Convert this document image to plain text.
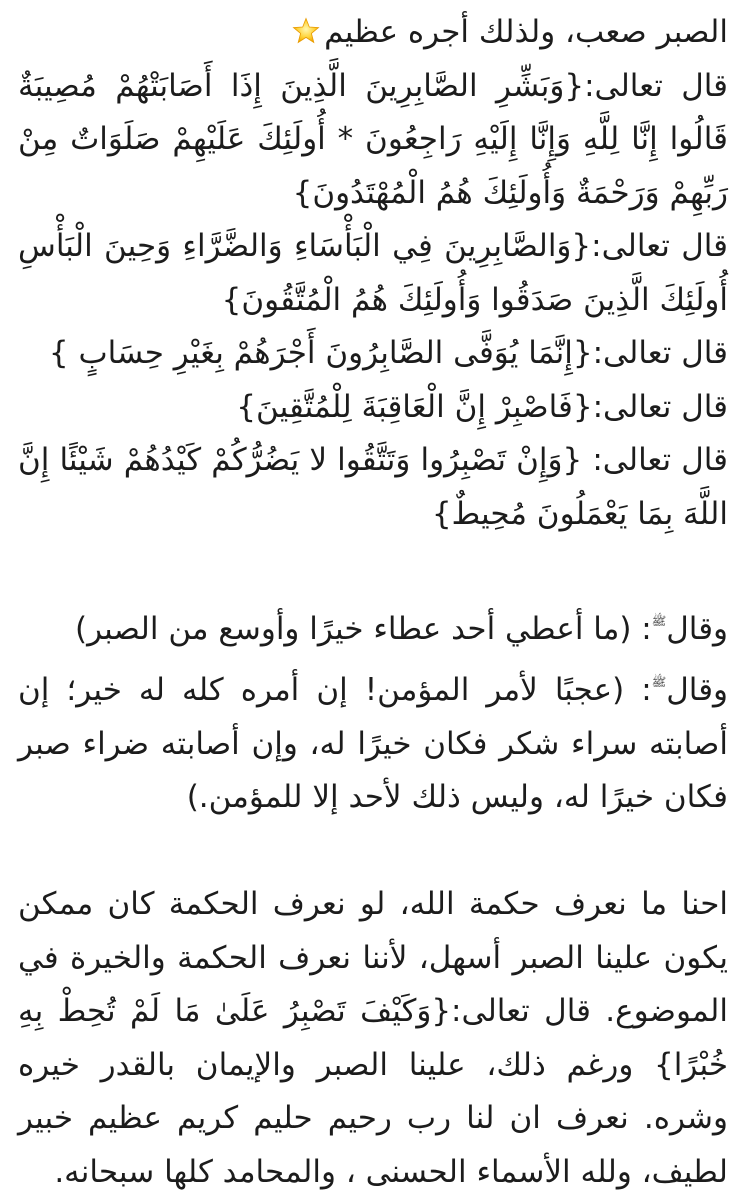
الصبر صعب، ولذلك أجره عظيم

قال تعالى:{وَبَشِّرِ الصَّابِرِينَ الَّذِينَ إِذَا أَصَابَتْهُمْ مُصِيبَةٌ قَالُوا إِنَّا لِلَّهِ وَإِنَّا إِلَيْهِ رَاجِعُونَ * أُولَئِكَ عَلَيْهِمْ صَلَوَاتٌ مِنْ رَبِّهِمْ وَرَحْمَةٌ وَأُولَئِكَ هُمُ الْمُهْتَدُونَ}

قال تعالى:{وَالصَّابِرِينَ فِي الْبَأْسَاءِ وَالضَّرَّاءِ وَحِينَ الْبَأْسِ أُولَئِكَ الَّذِينَ صَدَقُوا وَأُولَئِكَ هُمُ الْمُتَّقُونَ}

قال تعالى:{إِنَّمَا يُوَفَّى الصَّابِرُونَ أَجْرَهُمْ بِغَيْرِ حِسَابٍ }

قال تعالى:{فَاصْبِرْ إِنَّ الْعَاقِبَةَ لِلْمُتَّقِينَ}

قال تعالى: {وَإِنْ تَصْبِرُوا وَتَتَّقُوا لا يَضُرُّكُمْ كَيْدُهُمْ شَيْئًا إِنَّ اللَّهَ بِمَا يَعْمَلُونَ مُحِيطٌ}

وقال$^ﷺ$: (ما أعطي أحد عطاء خيرًا وأوسع من الصبر)

وقال$^ﷺ$: (عجبًا لأمر المؤمن! إن أمره كله له خير؛ إن أصابته سراء شكر فكان خيرًا له، وإن أصابته ضراء صبر فكان خيرًا له، وليس ذلك لأحد إلا للمؤمن.)

احنا ما نعرف حكمة الله، لو نعرف الحكمة كان ممكن يكون علينا الصبر أسهل، لأننا نعرف الحكمة والخيرة في الموضوع. قال تعالى:{وَكَيْفَ تَصْبِرُ عَلَىٰ مَا لَمْ تُحِطْ بِهِ خُبْرًا} ورغم ذلك، علينا الصبر والإيمان بالقدر خيره وشره. نعرف ان لنا رب رحيم حليم كريم عظيم خبير لطيف، ولله الأسماء الحسنى ، والمحامد كلها سبحانه.
